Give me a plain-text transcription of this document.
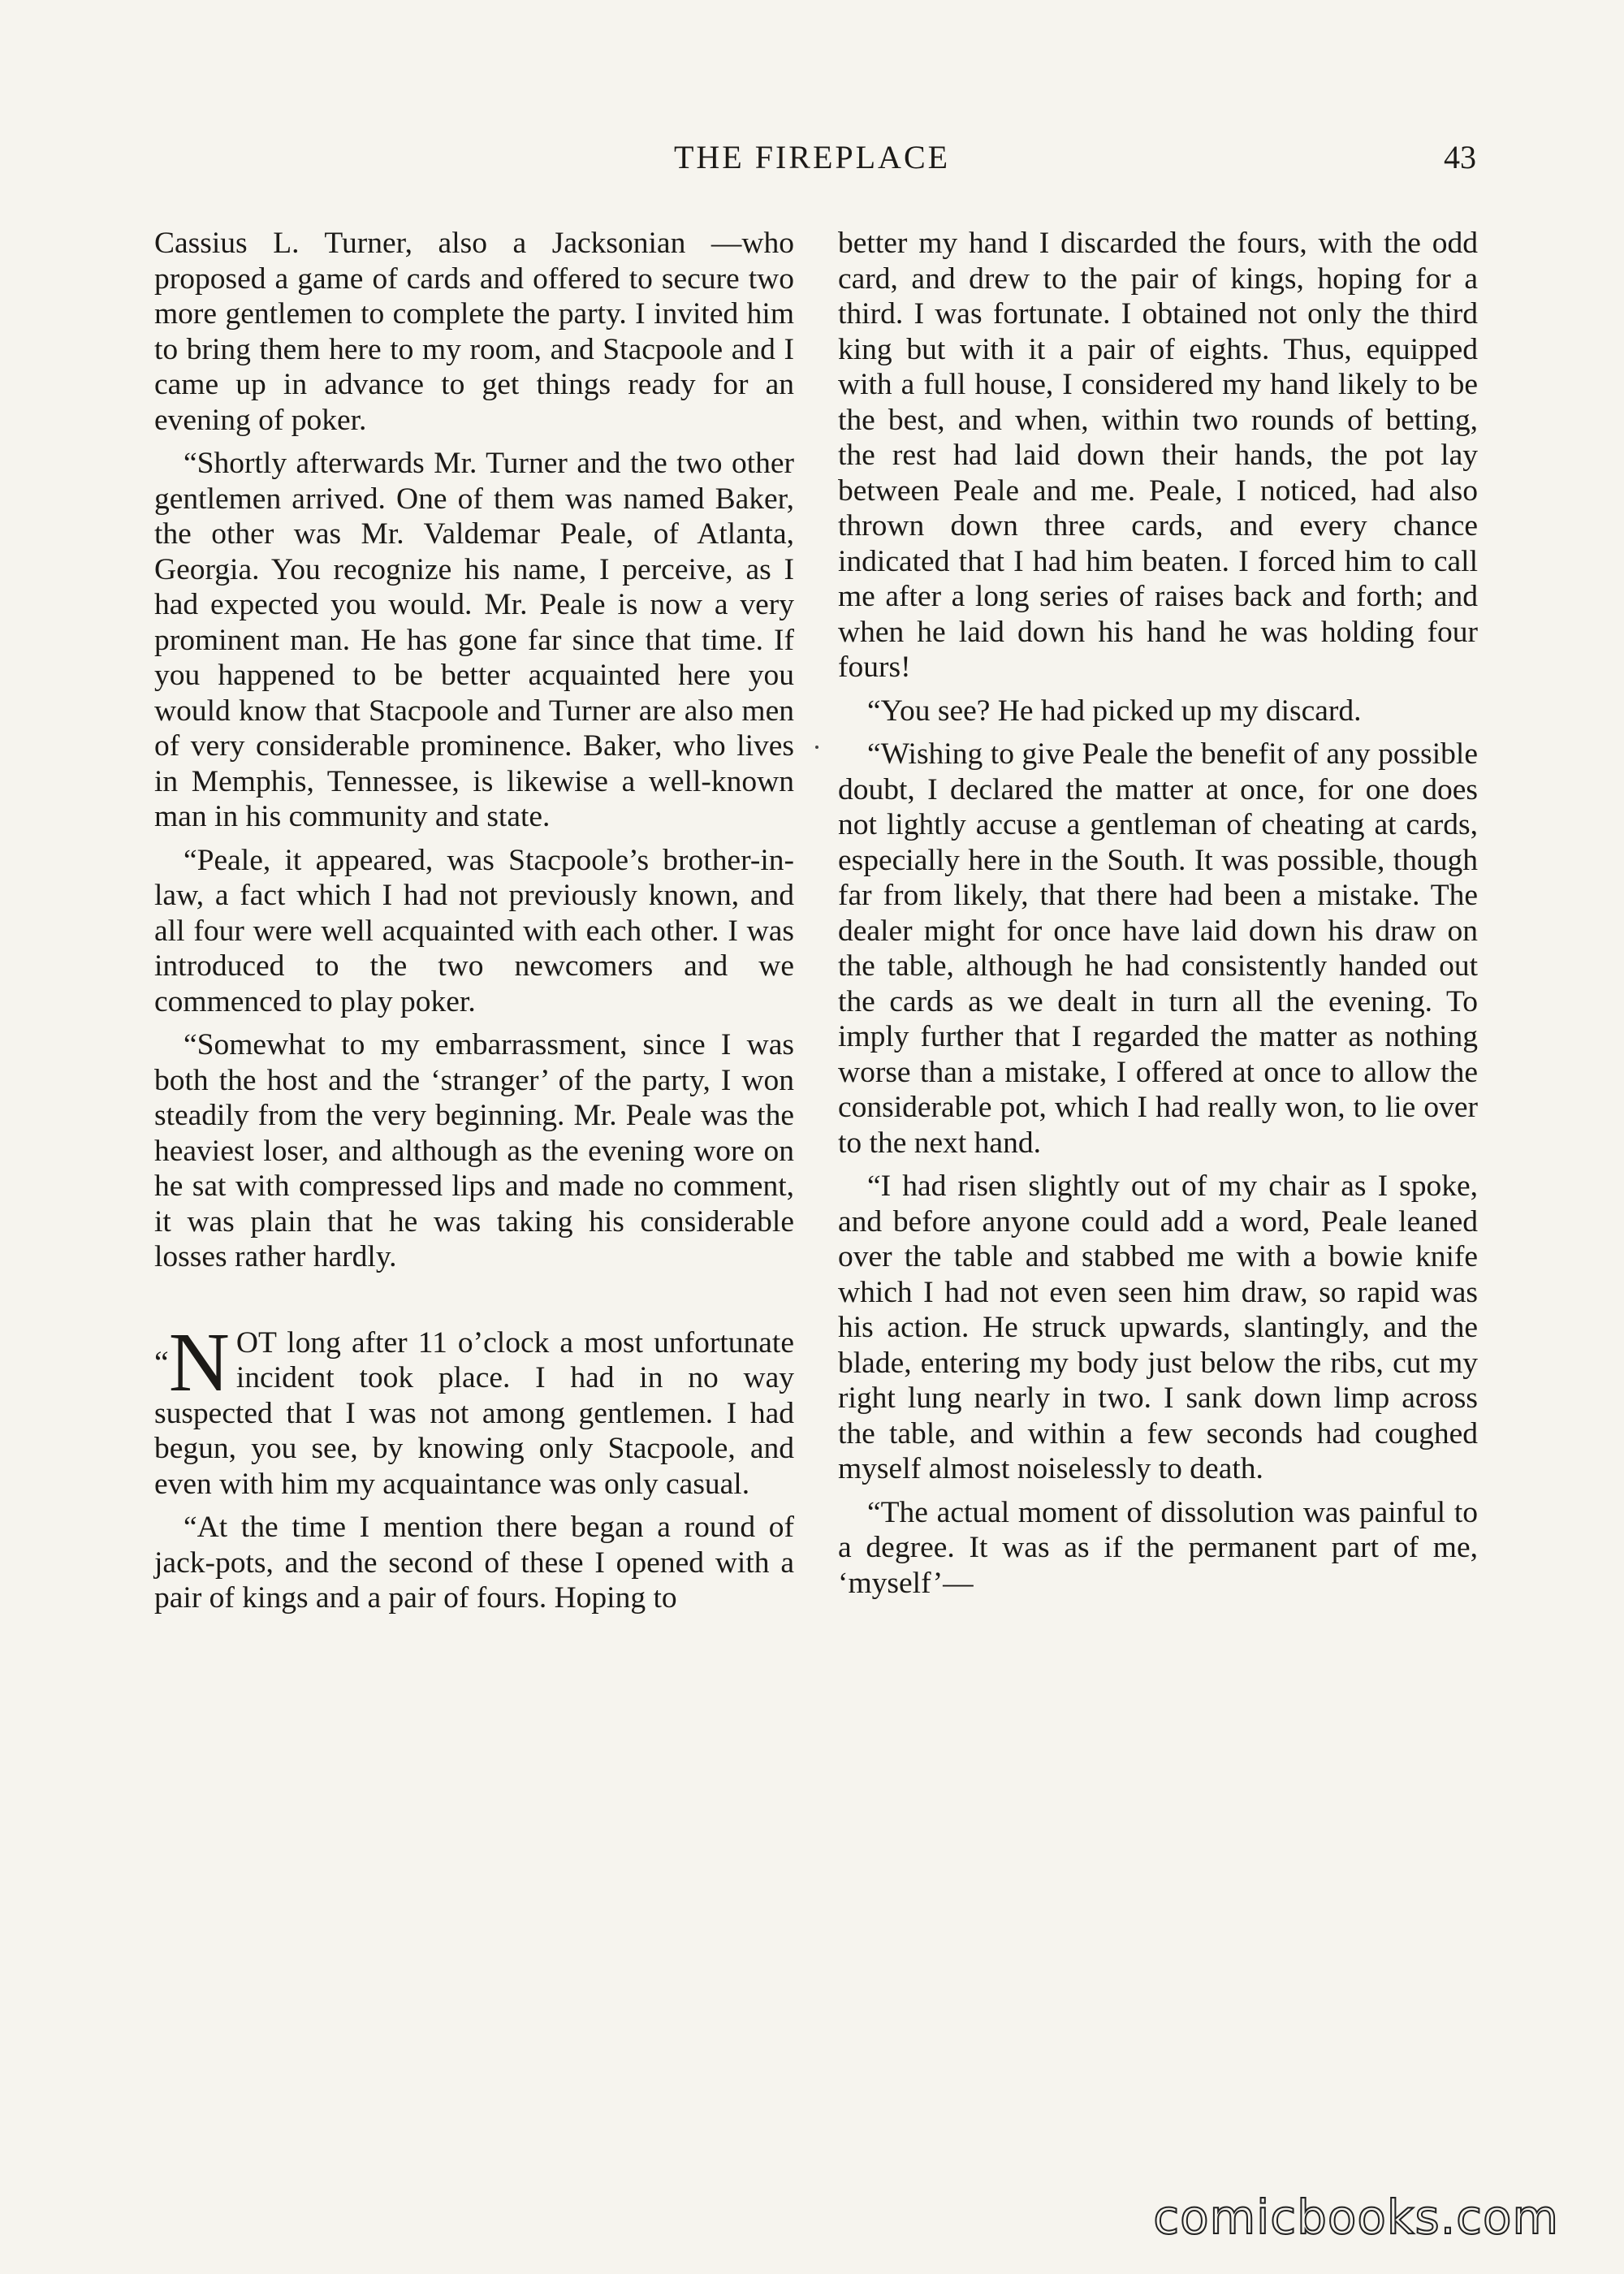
THE FIREPLACE	43

Cassius L. Turner, also a Jacksonian —who proposed a game of cards and offered to secure two more gentlemen to complete the party. I invited him to bring them here to my room, and Stacpoole and I came up in advance to get things ready for an evening of poker.

“Shortly afterwards Mr. Turner and the two other gentlemen arrived. One of them was named Baker, the other was Mr. Valdemar Peale, of Atlanta, Georgia. You recognize his name, I perceive, as I had expected you would. Mr. Peale is now a very prominent man. He has gone far since that time. If you happened to be better acquainted here you would know that Stacpoole and Turner are also men of very considerable prominence. Baker, who lives in Memphis, Tennessee, is likewise a well-known man in his community and state.

“Peale, it appeared, was Stacpoole’s brother-in-law, a fact which I had not previously known, and all four were well acquainted with each other. I was introduced to the two newcomers and we commenced to play poker.

“Somewhat to my embarrassment, since I was both the host and the ‘stranger’ of the party, I won steadily from the very beginning. Mr. Peale was the heaviest loser, and although as the evening wore on he sat with compressed lips and made no comment, it was plain that he was taking his considerable losses rather hardly.

“N OT long after 11 o’clock a most unfortunate incident took place. I had in no way suspected that I was not among gentlemen. I had begun, you see, by knowing only Stacpoole, and even with him my acquaintance was only casual.

“At the time I mention there began a round of jack-pots, and the second of these I opened with a pair of kings and a pair of fours. Hoping to

better my hand I discarded the fours, with the odd card, and drew to the pair of kings, hoping for a third. I was fortunate. I obtained not only the third king but with it a pair of eights. Thus, equipped with a full house, I considered my hand likely to be the best, and when, within two rounds of betting, the rest had laid down their hands, the pot lay between Peale and me. Peale, I noticed, had also thrown down three cards, and every chance indicated that I had him beaten. I forced him to call me after a long series of raises back and forth; and when he laid down his hand he was holding four fours!

“You see? He had picked up my discard.

“Wishing to give Peale the benefit of any possible doubt, I declared the matter at once, for one does not lightly accuse a gentleman of cheating at cards, especially here in the South. It was possible, though far from likely, that there had been a mistake. The dealer might for once have laid down his draw on the table, although he had consistently handed out the cards as we dealt in turn all the evening. To imply further that I regarded the matter as nothing worse than a mistake, I offered at once to allow the considerable pot, which I had really won, to lie over to the next hand.

“I had risen slightly out of my chair as I spoke, and before anyone could add a word, Peale leaned over the table and stabbed me with a bowie knife which I had not even seen him draw, so rapid was his action. He struck upwards, slantingly, and the blade, entering my body just below the ribs, cut my right lung nearly in two. I sank down limp across the table, and within a few seconds had coughed myself almost noiselessly to death.

“The actual moment of dissolution was painful to a degree. It was as if the permanent part of me, ‘myself’—

comicbooks.com
